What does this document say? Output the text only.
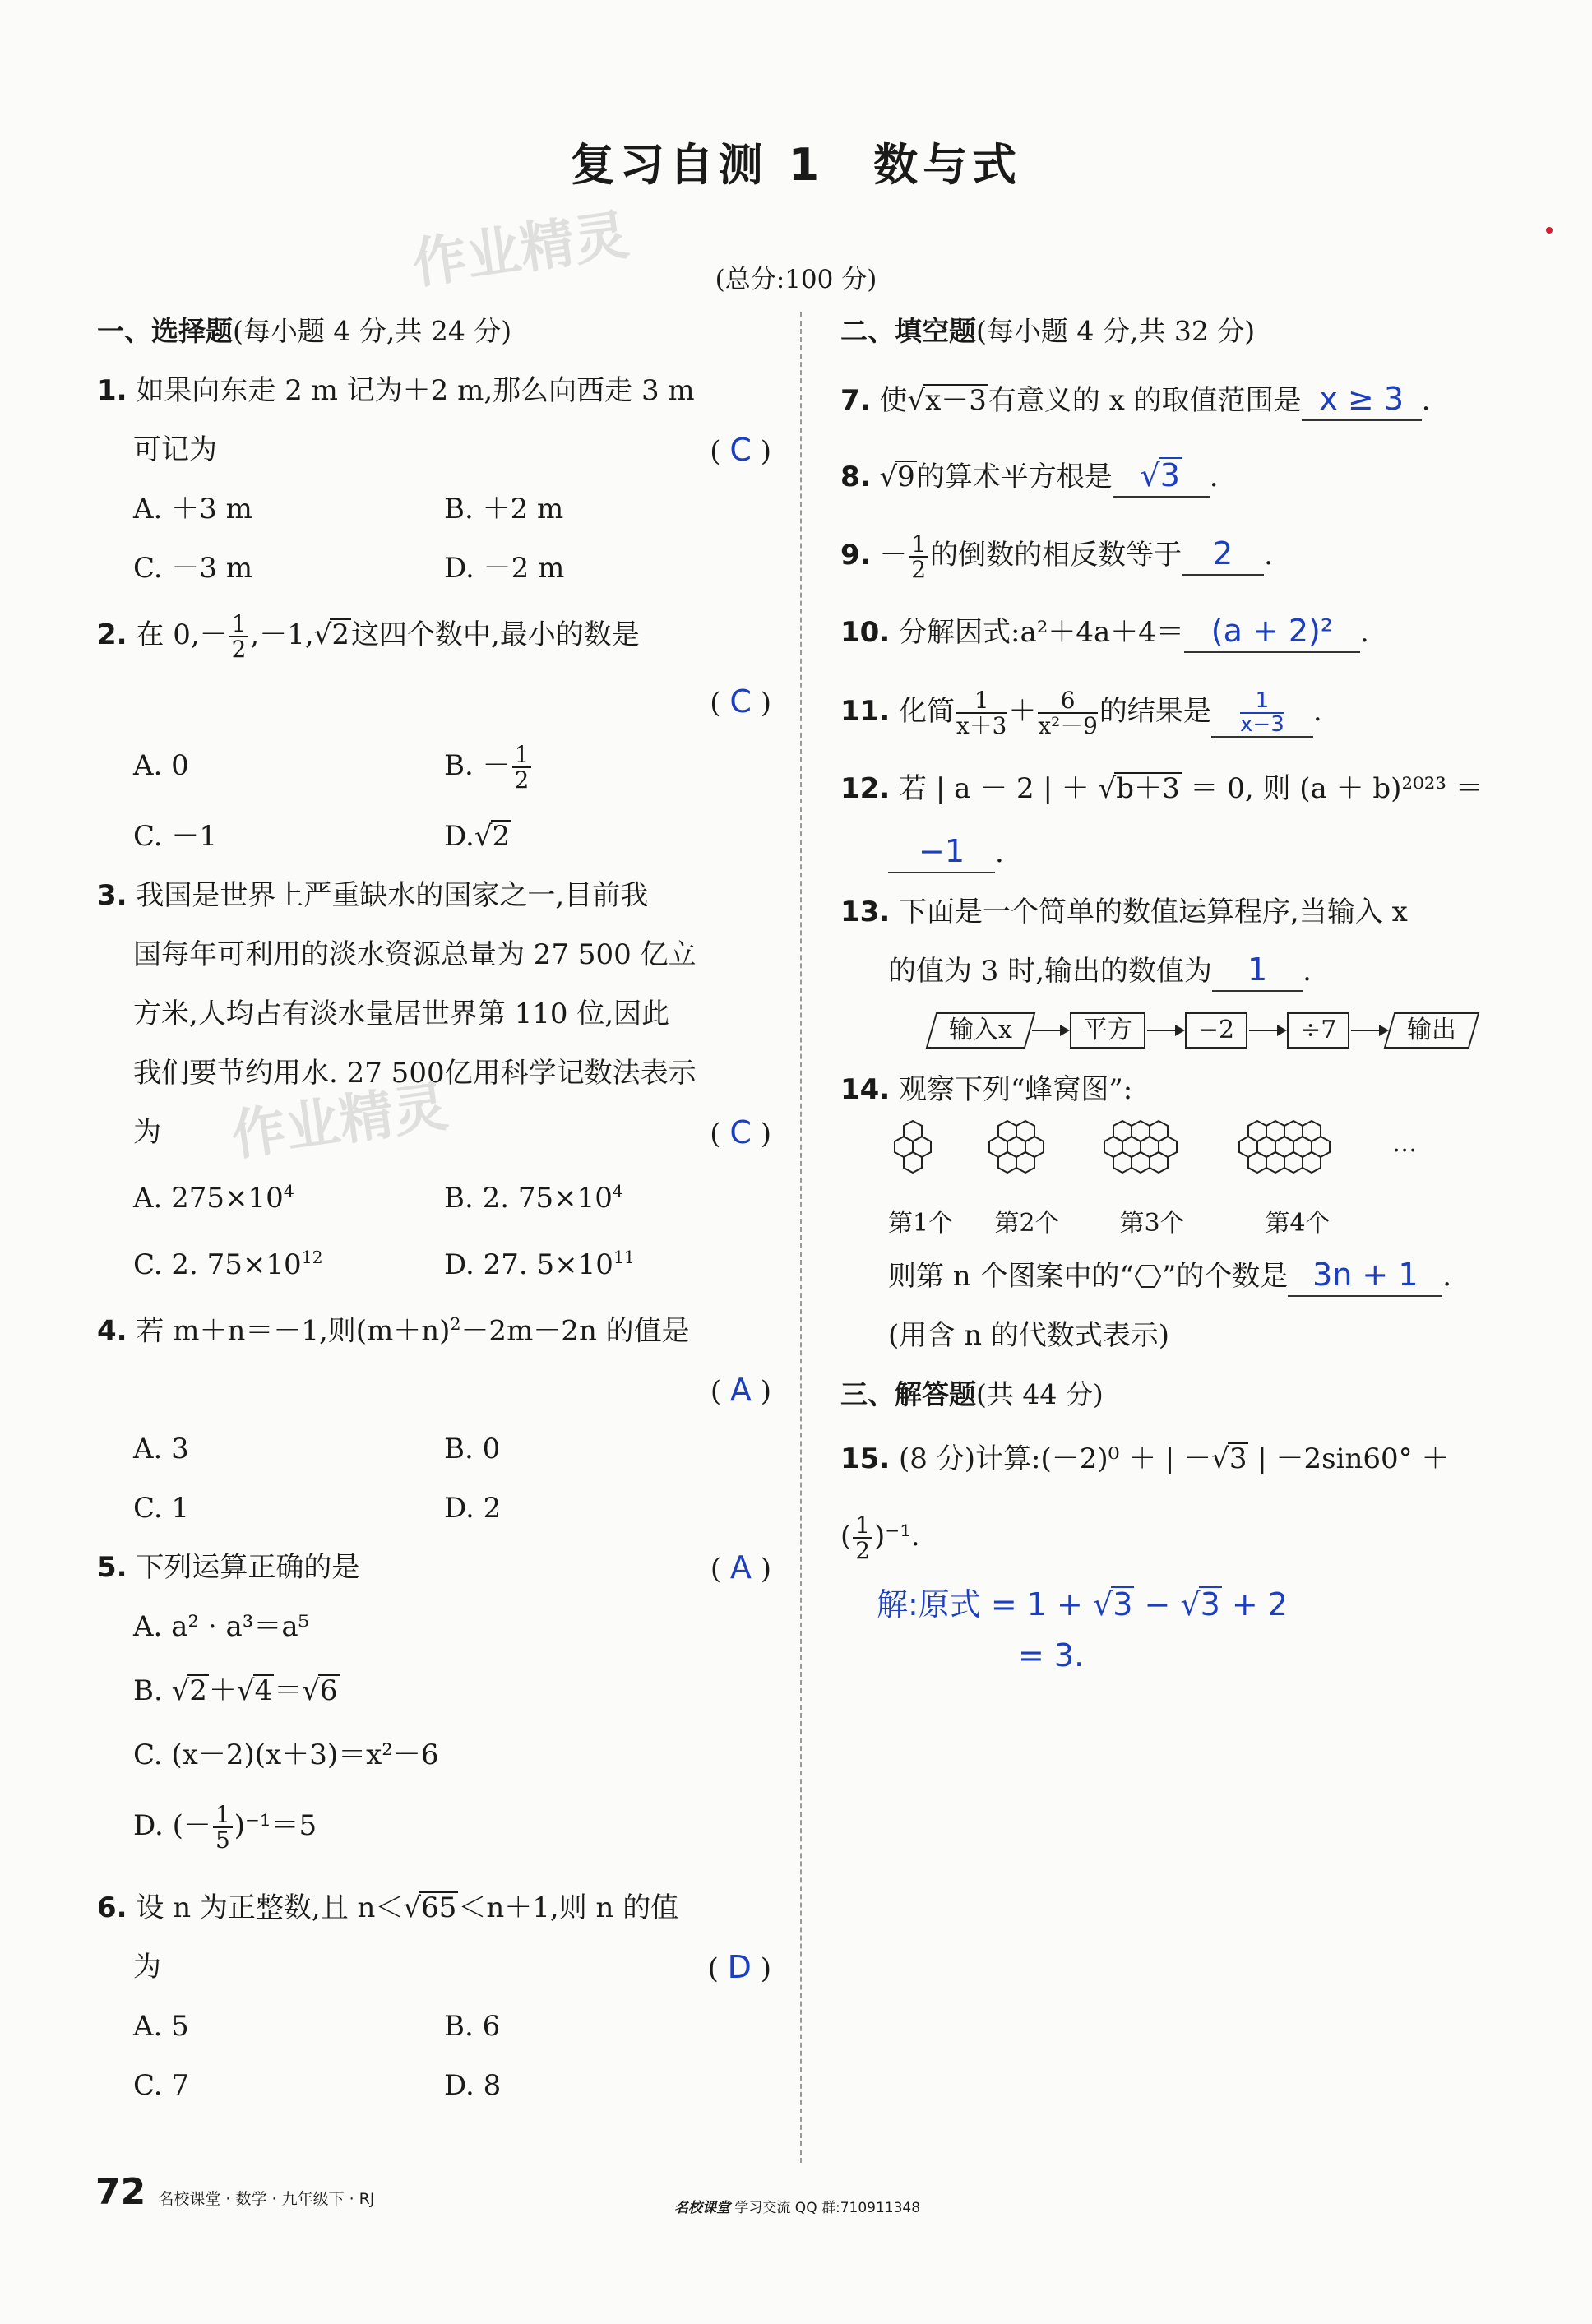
复习自测 1　数与式
作业精灵
作业精灵
(总分:100 分)
一、选择题(每小题 4 分,共 24 分)
1. 如果向东走 2 m 记为＋2 m,那么向西走 3 m
可记为	( C )
A. ＋3 m	B. ＋2 m
C. －3 m	D. －2 m
2. 在 $0,- \frac{1}{2} ,-1,√2$这四个数中,最小的数是
( C )
A. 0	B. － $\frac{1}{2}$
C. －1	D.√2
3. 我国是世界上严重缺水的国家之一,目前我
国每年可利用的淡水资源总量为 27 500 亿立
方米,人均占有淡水量居世界第 110 位,因此
我们要节约用水. 27 500亿用科学记数法表示
为	( C )
A. $275\times 10^4$	B. 2. $75\times 10^4$
C. 2. $75\times 10^{12}$	D. 27. $5\times 10^{11}$
4. 若 m＋n＝－1,则$(m+n)^2-2m-2n$ 的值是
( A )
A. 3	B. 0
C. 1	D. 2
5. 下列运算正确的是	( A )
A. a² · a³＝a⁵
B. √2＋√4＝√6
C. (x－2)(x＋3)＝x²－6
D. (－ $\frac{1}{5} )^{-1}=5$
6. 设 n 为正整数,且 n＜√65＜n＋1,则 n 的值
为	( D )
A. 5	B. 6
C. 7	D. 8
二、填空题(每小题 4 分,共 32 分)
7. 使√x－3有意义的 x 的取值范围是 x ≥ 3 .
8. √9的算术平方根是 √3 .
9. － $\frac{1}{2}$ 的倒数的相反数等于 2 .
10. 分解因式:a²＋4a＋4＝ (a + 2)² .
11. 化简 $\frac{1}{x+3} + \frac{6}{\text{x²－9}}$ 的结果是 $\frac{1}{x-3}$ .
12. 若 | a － 2 | ＋ √b＋3 ＝ 0, 则 (a ＋ b)²⁰²³ ＝
−1 .
13. 下面是一个简单的数值运算程序,当输入 x
的值为 3 时,输出的数值为 1 .
输入x	平方	−2	÷7	输出
14. 观察下列“蜂窝图”:
第1个	第2个	第3个	第4个
…
则第 n 个图案中的“ ”的个数是 3n + 1 .
(用含 n 的代数式表示)
三、解答题(共 44 分)
15. (8 分)计算:(－2)⁰ ＋ | －√3 | －2sin60° ＋
( $\frac{1}{2} )^{-1}$.
解:原式 = 1 + √3 − √3 + 2
= 3.
72 名校课堂 · 数学 · 九年级下 · RJ	名校课堂 学习交流 QQ 群:710911348
